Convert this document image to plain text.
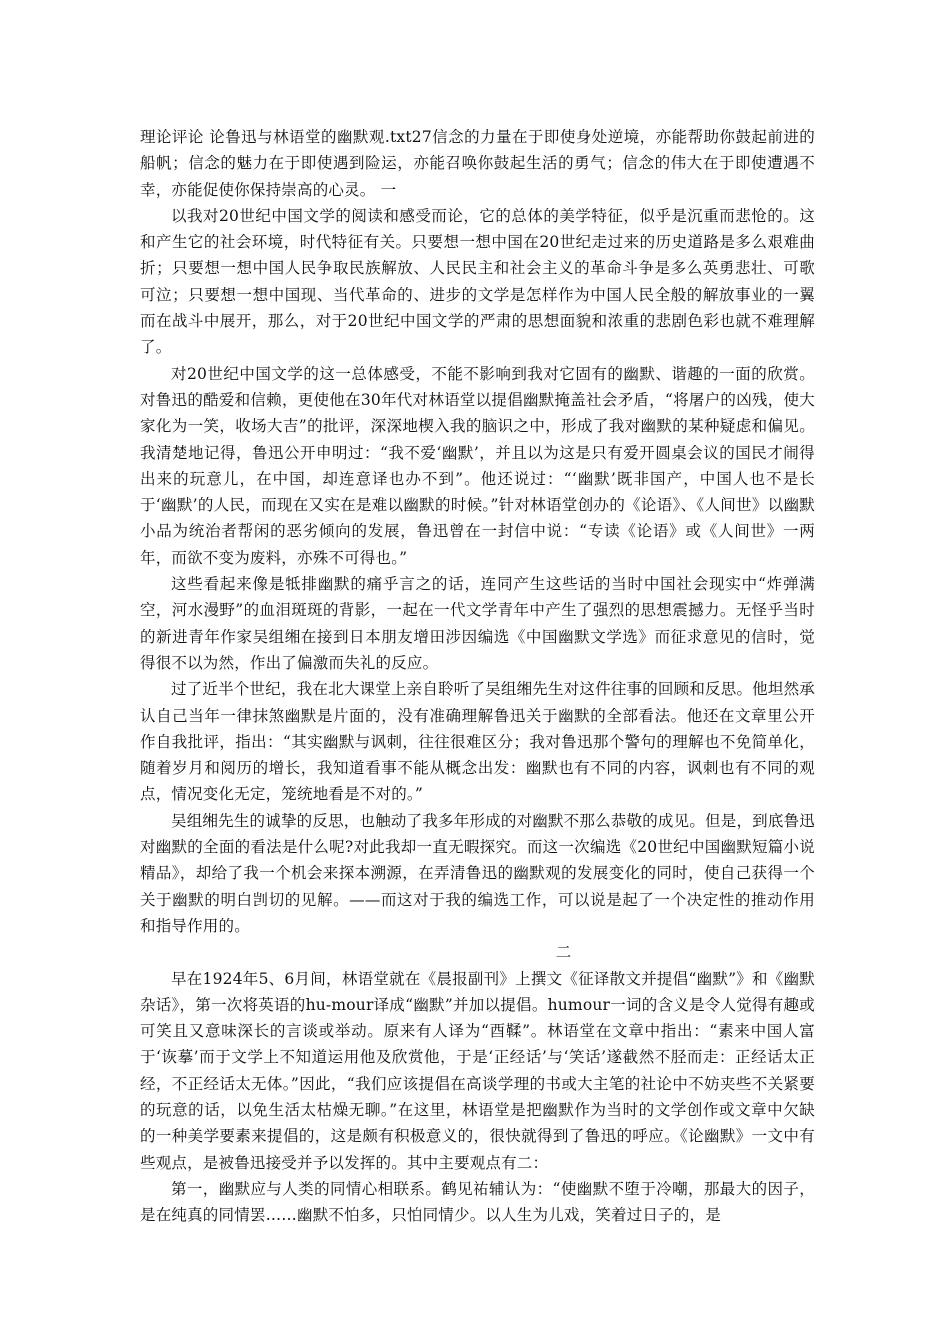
理论评论 论鲁迅与林语堂的幽默观.txt27信念的力量在于即使身处逆境，亦能帮助你鼓起前进的船帆；信念的魅力在于即使遇到险运，亦能召唤你鼓起生活的勇气；信念的伟大在于即使遭遇不幸，亦能促使你保持崇高的心灵。 一

以我对20世纪中国文学的阅读和感受而论，它的总体的美学特征，似乎是沉重而悲怆的。这和产生它的社会环境，时代特征有关。只要想一想中国在20世纪走过来的历史道路是多么艰难曲折；只要想一想中国人民争取民族解放、人民民主和社会主义的革命斗争是多么英勇悲壮、可歌可泣；只要想一想中国现、当代革命的、进步的文学是怎样作为中国人民全般的解放事业的一翼而在战斗中展开，那么，对于20世纪中国文学的严肃的思想面貌和浓重的悲剧色彩也就不难理解了。

对20世纪中国文学的这一总体感受，不能不影响到我对它固有的幽默、谐趣的一面的欣赏。对鲁迅的酷爱和信赖，更使他在30年代对林语堂以提倡幽默掩盖社会矛盾，“将屠户的凶残，使大家化为一笑，收场大吉”的批评，深深地楔入我的脑识之中，形成了我对幽默的某种疑虑和偏见。我清楚地记得，鲁迅公开申明过：“我不爱‘幽默’，并且以为这是只有爱开圆桌会议的国民才闹得出来的玩意儿，在中国，却连意译也办不到”。他还说过：“‘幽默’既非国产，中国人也不是长于‘幽默’的人民，而现在又实在是难以幽默的时候。”针对林语堂创办的《论语》、《人间世》以幽默小品为统治者帮闲的恶劣倾向的发展，鲁迅曾在一封信中说：“专读《论语》或《人间世》一两年，而欲不变为废料，亦殊不可得也。”

这些看起来像是牴排幽默的痛乎言之的话，连同产生这些话的当时中国社会现实中“炸弹满空，河水漫野”的血泪斑斑的背影，一起在一代文学青年中产生了强烈的思想震撼力。无怪乎当时的新进青年作家吴组缃在接到日本朋友增田涉因编选《中国幽默文学选》而征求意见的信时，觉得很不以为然，作出了偏激而失礼的反应。

过了近半个世纪，我在北大课堂上亲自聆听了吴组缃先生对这件往事的回顾和反思。他坦然承认自己当年一律抹煞幽默是片面的，没有准确理解鲁迅关于幽默的全部看法。他还在文章里公开作自我批评，指出：“其实幽默与讽刺，往往很难区分；我对鲁迅那个警句的理解也不免简单化，随着岁月和阅历的增长，我知道看事不能从概念出发：幽默也有不同的内容，讽刺也有不同的观点，情况变化无定，笼统地看是不对的。”

吴组缃先生的诚挚的反思，也触动了我多年形成的对幽默不那么恭敬的成见。但是，到底鲁迅对幽默的全面的看法是什么呢?对此我却一直无暇探究。而这一次编选《20世纪中国幽默短篇小说精品》，却给了我一个机会来探本溯源，在弄清鲁迅的幽默观的发展变化的同时，使自己获得一个关于幽默的明白剀切的见解。——而这对于我的编选工作，可以说是起了一个决定性的推动作用和指导作用的。

二

早在1924年5、6月间，林语堂就在《晨报副刊》上撰文《征译散文并提倡“幽默”》和《幽默杂话》，第一次将英语的hu-mour译成“幽默”并加以提倡。humour一词的含义是令人觉得有趣或可笑且又意味深长的言谈或举动。原来有人译为“酉鞣”。林语堂在文章中指出：“素来中国人富于‘诙摹’而于文学上不知道运用他及欣赏他，于是‘正经话’与‘笑话’遂截然不胫而走：正经话太正经，不正经话太无体。”因此，“我们应该提倡在高谈学理的书或大主笔的社论中不妨夹些不关紧要的玩意的话，以免生活太枯燥无聊。”在这里，林语堂是把幽默作为当时的文学创作或文章中欠缺的一种美学要素来提倡的，这是颇有积极意义的，很快就得到了鲁迅的呼应。《论幽默》一文中有些观点，是被鲁迅接受并予以发挥的。其中主要观点有二：

第一，幽默应与人类的同情心相联系。鹤见祐辅认为：“使幽默不堕于冷嘲，那最大的因子，是在纯真的同情罢……幽默不怕多，只怕同情少。以人生为儿戏，笑着过日子的，是
